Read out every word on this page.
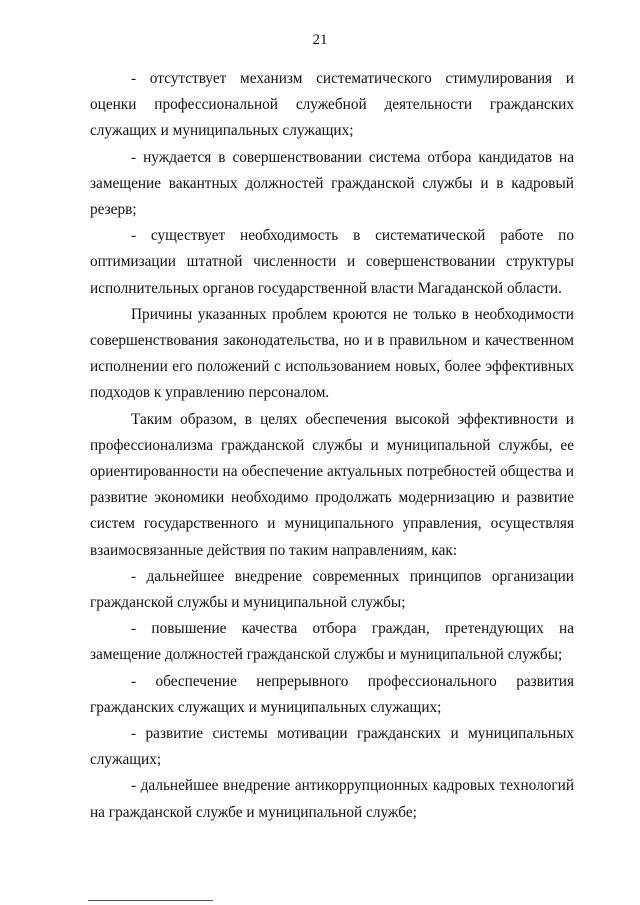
21

- отсутствует механизм систематического стимулирования и оценки профессиональной служебной деятельности гражданских служащих и муниципальных служащих;

- нуждается в совершенствовании система отбора кандидатов на замещение вакантных должностей гражданской службы и в кадровый резерв;

- существует необходимость в систематической работе по оптимизации штатной численности и совершенствовании структуры исполнительных органов государственной власти Магаданской области.

Причины указанных проблем кроются не только в необходимости совершенствования законодательства, но и в правильном и качественном исполнении его положений с использованием новых, более эффективных подходов к управлению персоналом.

Таким образом, в целях обеспечения высокой эффективности и профессионализма гражданской службы и муниципальной службы, ее ориентированности на обеспечение актуальных потребностей общества и развитие экономики необходимо продолжать модернизацию и развитие систем государственного и муниципального управления, осуществляя взаимосвязанные действия по таким направлениям, как:

- дальнейшее внедрение современных принципов организации гражданской службы и муниципальной службы;

- повышение качества отбора граждан, претендующих на замещение должностей гражданской службы и муниципальной службы;

- обеспечение непрерывного профессионального развития гражданских служащих и муниципальных служащих;

- развитие системы мотивации гражданских и муниципальных служащих;

- дальнейшее внедрение антикоррупционных кадровых технологий на гражданской службе и муниципальной службе;
